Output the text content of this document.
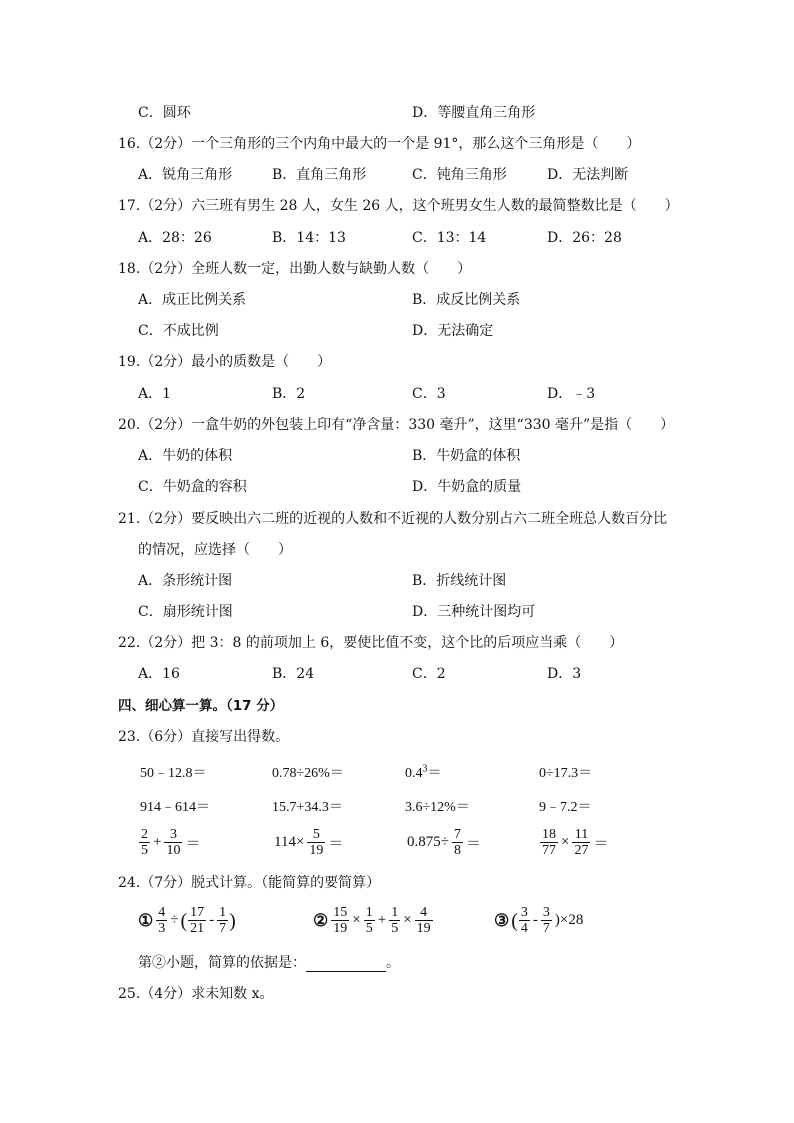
C．圆环	D．等腰直角三角形
16.（2分）一个三角形的三个内角中最大的一个是 91°，那么这个三角形是（　　）
A．锐角三角形	B．直角三角形	C．钝角三角形	D．无法判断
17.（2分）六三班有男生 28 人，女生 26 人，这个班男女生人数的最简整数比是（　　）
A．28：26	B．14：13	C．13：14	D．26：28
18.（2分）全班人数一定，出勤人数与缺勤人数（　　）
A．成正比例关系	B．成反比例关系
C．不成比例	D．无法确定
19.（2分）最小的质数是（　　）
A．1	B．2	C．3	D．﹣3
20.（2分）一盒牛奶的外包装上印有“净含量：330 毫升”，这里“330 毫升”是指（　　）
A．牛奶的体积	B．牛奶盒的体积
C．牛奶盒的容积	D．牛奶盒的质量
21.（2分）要反映出六二班的近视的人数和不近视的人数分别占六二班全班总人数百分比
的情况，应选择（　　）
A．条形统计图	B．折线统计图
C．扇形统计图	D．三种统计图均可
22.（2分）把 3：8 的前项加上 6，要使比值不变，这个比的后项应当乘（　　）
A．16	B．24	C．2	D．3
四、细心算一算。（17 分）
23.（6分）直接写出得数。
50﹣12.8＝	0.78÷26%＝	$0.4^3=$	0÷17.3＝
914﹣614＝	15.7+34.3＝	3.6÷12%＝	9﹣7.2＝
$\frac{2}{5} + \frac{3}{10}$ ＝	$114\times \frac{5}{19}$ ＝	$0.875\div \frac{7}{8}$ ＝	$\frac{18}{77} \times \frac{11}{27}$ ＝
24.（7分）脱式计算。（能简算的要简算）
① $\frac{4}{3}$ ÷ ( $\frac{17}{21} - \frac{1}{7}$ )	② $\frac{15}{19} \times \frac{1}{5} + \frac{1}{5} \times \frac{4}{19}$	③ ( $\frac{3}{4} - \frac{3}{7} )\times 28$
第②小题，简算的依据是：	。
25.（4分）求未知数 x。
